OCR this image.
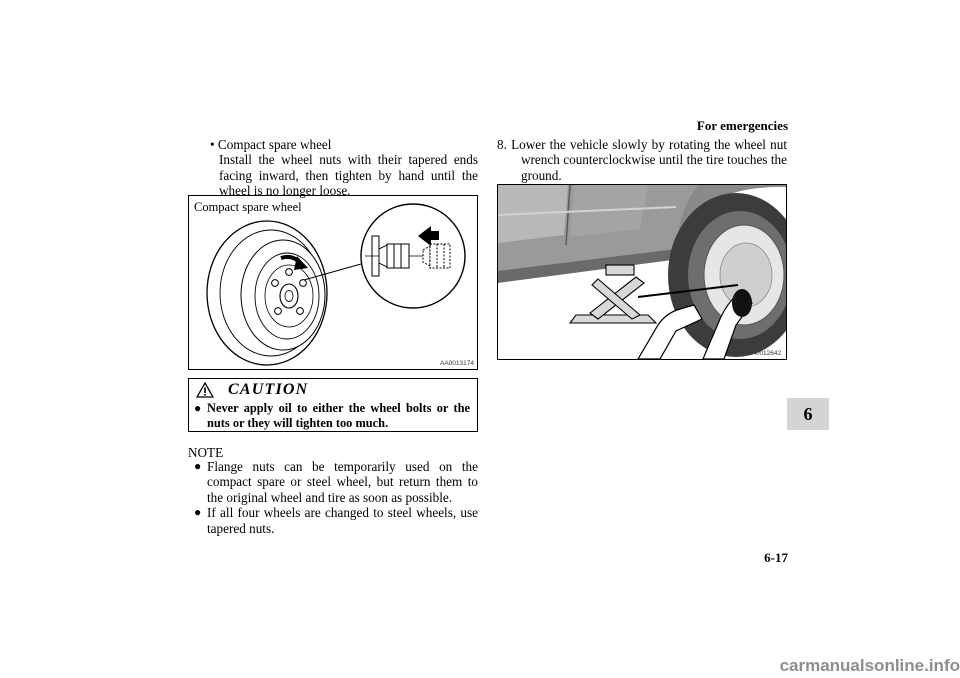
For emergencies
6
6-17
• Compact spare wheel
Install the wheel nuts with their tapered ends facing inward, then tighten by hand until the wheel is no longer loose.
Compact spare wheel
AA0013174
CAUTION
● Never apply oil to either the wheel bolts or the nuts or they will tighten too much.
NOTE
● Flange nuts can be temporarily used on the compact spare or steel wheel, but return them to the original wheel and tire as soon as possible.
● If all four wheels are changed to steel wheels, use tapered nuts.
8. Lower the vehicle slowly by rotating the wheel nut wrench counterclockwise until the tire touches the ground.
TA0012642
carmanualsonline.info
